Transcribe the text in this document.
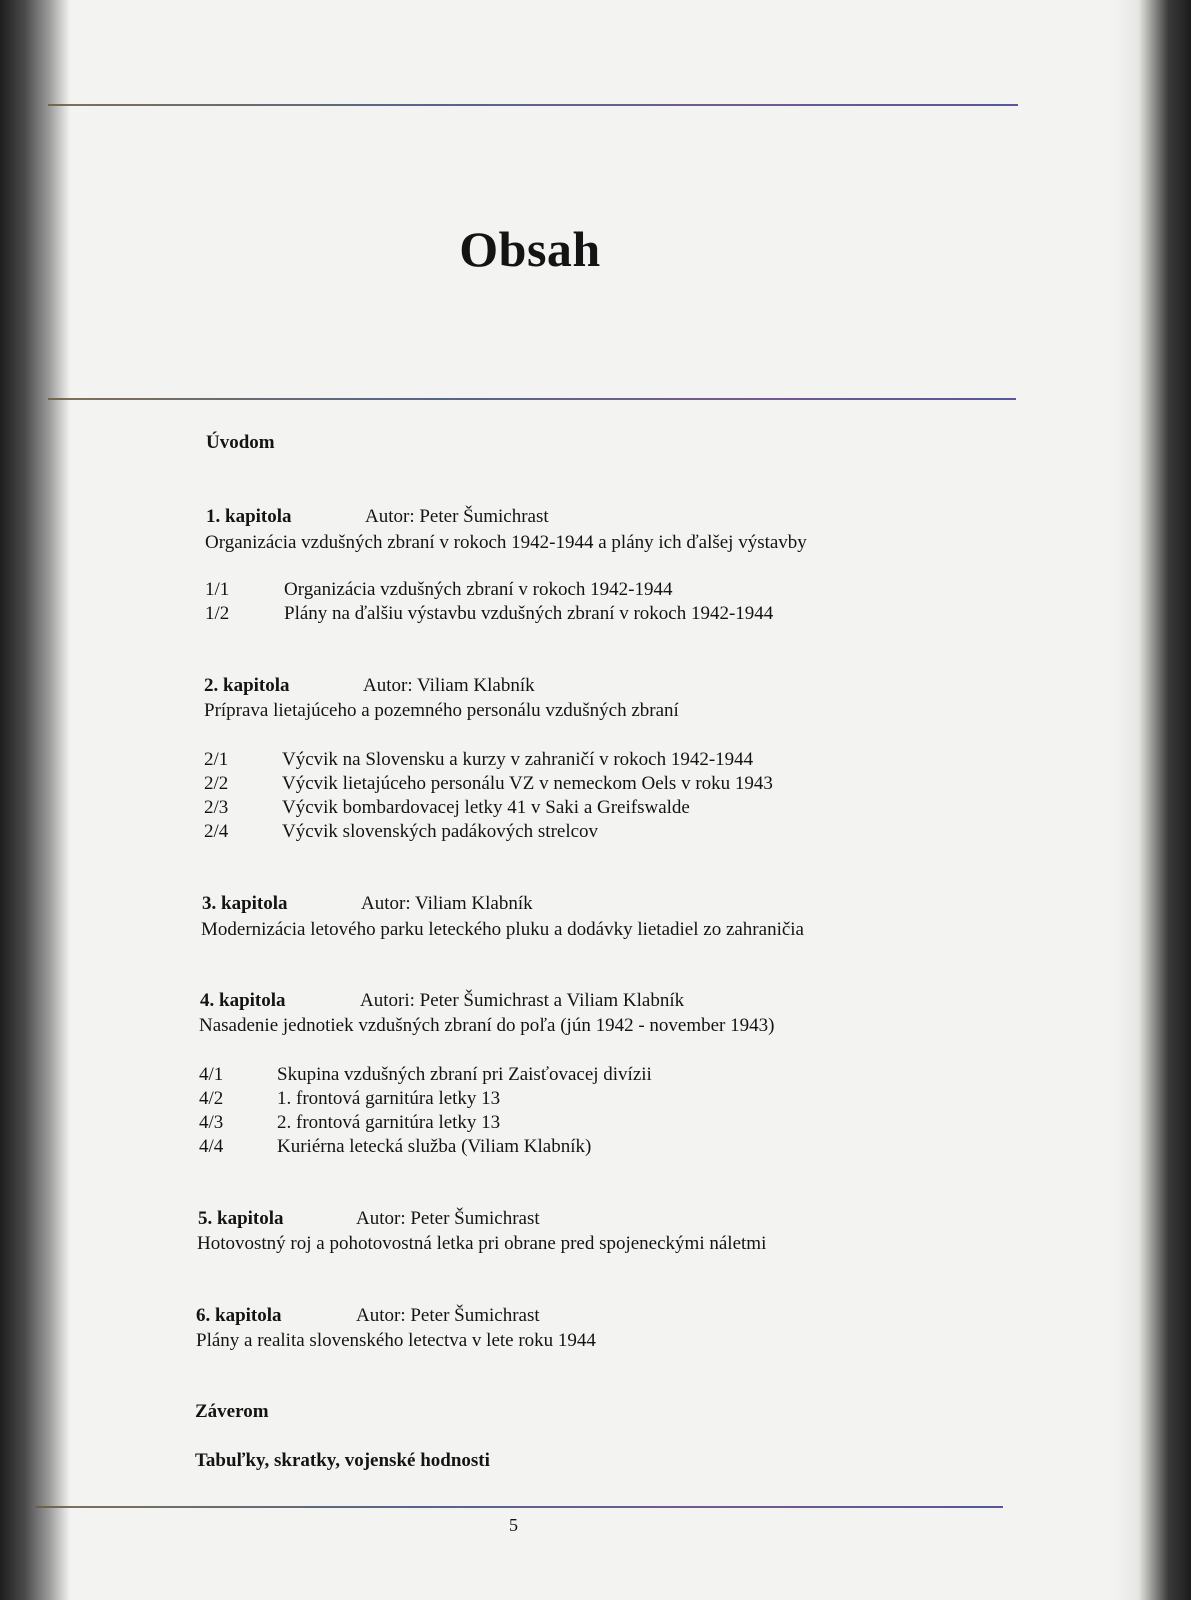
Obsah
Úvodom
1. kapitola	Autor: Peter Šumichrast
Organizácia vzdušných zbraní v rokoch 1942-1944 a plány ich ďalšej výstavby
1/1	Organizácia vzdušných zbraní v rokoch 1942-1944
1/2	Plány na ďalšiu výstavbu vzdušných zbraní v rokoch 1942-1944
2. kapitola	Autor: Viliam Klabník
Príprava lietajúceho a pozemného personálu vzdušných zbraní
2/1	Výcvik na Slovensku a kurzy v zahraničí v rokoch 1942-1944
2/2	Výcvik lietajúceho personálu VZ v nemeckom Oels v roku 1943
2/3	Výcvik bombardovacej letky 41 v Saki a Greifswalde
2/4	Výcvik slovenských padákových strelcov
3. kapitola	Autor: Viliam Klabník
Modernizácia letového parku leteckého pluku a dodávky lietadiel zo zahraničia
4. kapitola	Autori: Peter Šumichrast a Viliam Klabník
Nasadenie jednotiek vzdušných zbraní do poľa (jún 1942 - november 1943)
4/1	Skupina vzdušných zbraní pri Zaisťovacej divízii
4/2	1. frontová garnitúra letky 13
4/3	2. frontová garnitúra letky 13
4/4	Kuriérna letecká služba (Viliam Klabník)
5. kapitola	Autor: Peter Šumichrast
Hotovostný roj a pohotovostná letka pri obrane pred spojeneckými náletmi
6. kapitola	Autor: Peter Šumichrast
Plány a realita slovenského letectva v lete roku 1944
Záverom
Tabuľky, skratky, vojenské hodnosti
5
